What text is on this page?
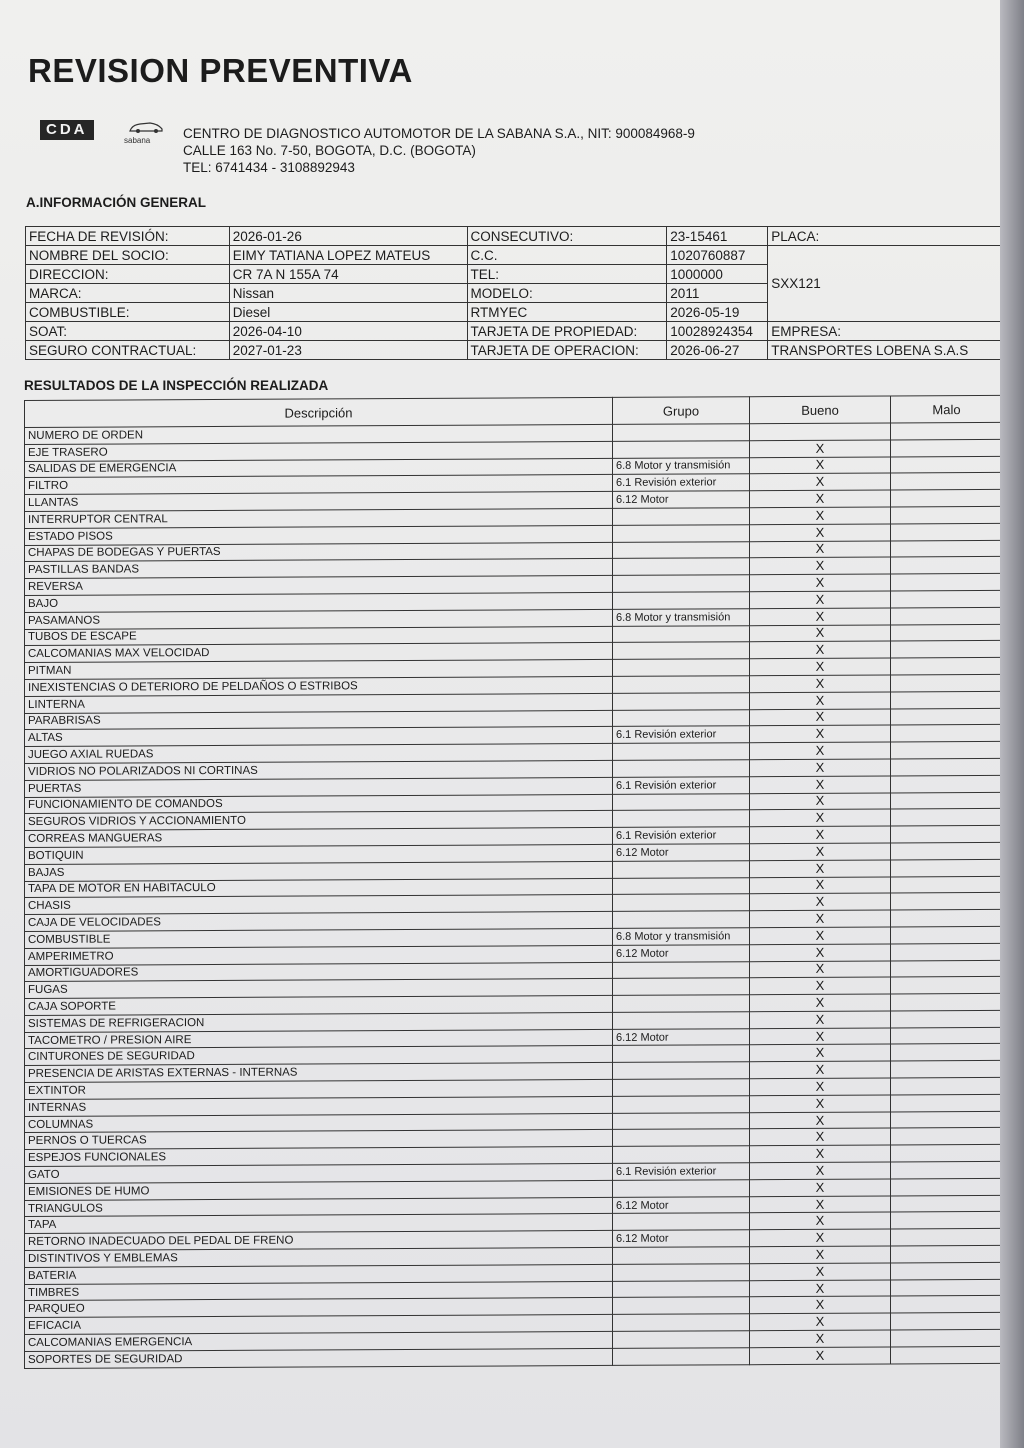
REVISION PREVENTIVA
CDA
sabana CENTRO DE DIAGNOSTICO AUTOMOTOR DE LA SABANA S.A., NIT: 900084968-9
CALLE 163 No. 7-50, BOGOTA, D.C. (BOGOTA)
TEL: 6741434 - 3108892943
A.INFORMACIÓN GENERAL
FECHA DE REVISIÓN:	2026-01-26	CONSECUTIVO:	23-15461	PLACA:
NOMBRE DEL SOCIO:	EIMY TATIANA LOPEZ MATEUS	C.C.	1020760887	SXX121
DIRECCION:	CR 7A N 155A 74	TEL:	1000000	
MARCA:	Nissan	MODELO:	2011	
COMBUSTIBLE:	Diesel	RTMYEC	2026-05-19	
SOAT:	2026-04-10	TARJETA DE PROPIEDAD:	10028924354	EMPRESA:
SEGURO CONTRACTUAL:	2027-01-23	TARJETA DE OPERACION:	2026-06-27	TRANSPORTES LOBENA S.A.S
RESULTADOS DE LA INSPECCIÓN REALIZADA
Descripción	Grupo	Bueno	Malo
NUMERO DE ORDEN			
EJE TRASERO		X	
SALIDAS DE EMERGENCIA	6.8 Motor y transmisión	X	
FILTRO	6.1 Revisión exterior	X	
LLANTAS	6.12 Motor	X	
INTERRUPTOR CENTRAL		X	
ESTADO PISOS		X	
CHAPAS DE BODEGAS Y PUERTAS		X	
PASTILLAS BANDAS		X	
REVERSA		X	
BAJO		X	
PASAMANOS	6.8 Motor y transmisión	X	
TUBOS DE ESCAPE		X	
CALCOMANIAS MAX VELOCIDAD		X	
PITMAN		X	
INEXISTENCIAS O DETERIORO DE PELDAÑOS O ESTRIBOS		X	
LINTERNA		X	
PARABRISAS		X	
ALTAS	6.1 Revisión exterior	X	
JUEGO AXIAL RUEDAS		X	
VIDRIOS NO POLARIZADOS NI CORTINAS		X	
PUERTAS	6.1 Revisión exterior	X	
FUNCIONAMIENTO DE COMANDOS		X	
SEGUROS VIDRIOS Y ACCIONAMIENTO		X	
CORREAS MANGUERAS	6.1 Revisión exterior	X	
BOTIQUIN	6.12 Motor	X	
BAJAS		X	
TAPA DE MOTOR EN HABITACULO		X	
CHASIS		X	
CAJA DE VELOCIDADES		X	
COMBUSTIBLE	6.8 Motor y transmisión	X	
AMPERIMETRO	6.12 Motor	X	
AMORTIGUADORES		X	
FUGAS		X	
CAJA SOPORTE		X	
SISTEMAS DE REFRIGERACION		X	
TACOMETRO / PRESION AIRE	6.12 Motor	X	
CINTURONES DE SEGURIDAD		X	
PRESENCIA DE ARISTAS EXTERNAS - INTERNAS		X	
EXTINTOR		X	
INTERNAS		X	
COLUMNAS		X	
PERNOS O TUERCAS		X	
ESPEJOS FUNCIONALES		X	
GATO	6.1 Revisión exterior	X	
EMISIONES DE HUMO		X	
TRIANGULOS	6.12 Motor	X	
TAPA		X	
RETORNO INADECUADO DEL PEDAL DE FRENO	6.12 Motor	X	
DISTINTIVOS Y EMBLEMAS		X	
BATERIA		X	
TIMBRES		X	
PARQUEO		X	
EFICACIA		X	
CALCOMANIAS EMERGENCIA		X	
SOPORTES DE SEGURIDAD		X	
